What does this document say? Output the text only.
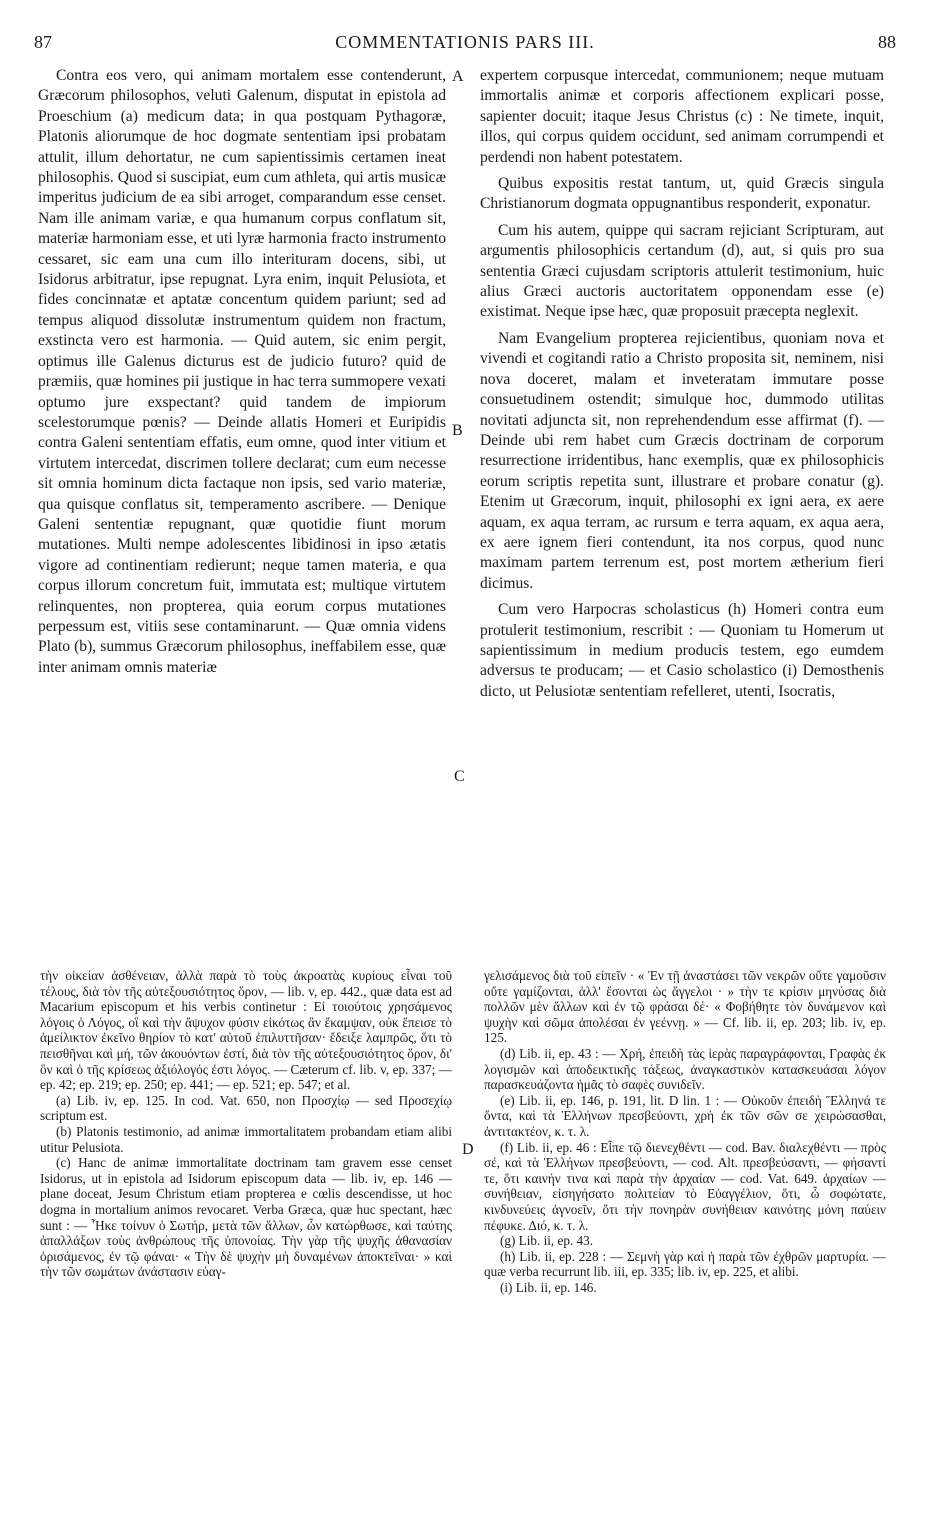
87	COMMENTATIONIS PARS III.	88

Contra eos vero, qui animam mortalem esse contenderunt, Græcorum philosophos, veluti Galenum, disputat in epistola ad Proeschium (a) medicum data; in qua postquam Pythagoræ, Platonis aliorumque de hoc dogmate sententiam ipsi probatam attulit, illum dehortatur, ne cum sapientissimis certamen ineat philosophis. Quod si suscipiat, eum cum athleta, qui artis musicæ imperitus judicium de ea sibi arroget, comparandum esse censet. Nam ille animam variæ, e qua humanum corpus conflatum sit, materiæ harmoniam esse, et uti lyræ harmonia fracto instrumento cessaret, sic eam una cum illo interituram docens, sibi, ut Isidorus arbitratur, ipse repugnat. Lyra enim, inquit Pelusiota, et fides concinnatæ et aptatæ concentum quidem pariunt; sed ad tempus aliquod dissolutæ instrumentum quidem non fractum, exstincta vero est harmonia. — Quid autem, sic enim pergit, optimus ille Galenus dicturus est de judicio futuro? quid de præmiis, quæ homines pii justique in hac terra summopere vexati optumo jure exspectant? quid tandem de impiorum scelestorumque pœnis? — Deinde allatis Homeri et Euripidis contra Galeni sententiam effatis, eum omne, quod inter vitium et virtutem intercedat, discrimen tollere declarat; cum eum necesse sit omnia hominum dicta factaque non ipsis, sed vario materiæ, qua quisque conflatus sit, temperamento ascribere. — Denique Galeni sententiæ repugnant, quæ quotidie fiunt morum mutationes. Multi nempe adolescentes libidinosi in ipso ætatis vigore ad continentiam redierunt; neque tamen materia, e qua corpus illorum concretum fuit, immutata est; multique virtutem relinquentes, non propterea, quia eorum corpus mutationes perpessum est, vitiis sese contaminarunt. — Quæ omnia videns Plato (b), summus Græcorum philosophus, ineffabilem esse, quæ inter animam omnis materiæ

A
B
C
D

expertem corpusque intercedat, communionem; neque mutuam immortalis animæ et corporis affectionem explicari posse, sapienter docuit; itaque Jesus Christus (c) : Ne timete, inquit, illos, qui corpus quidem occidunt, sed animam corrumpendi et perdendi non habent potestatem.

Quibus expositis restat tantum, ut, quid Græcis singula Christianorum dogmata oppugnantibus responderit, exponatur.

Cum his autem, quippe qui sacram rejiciant Scripturam, aut argumentis philosophicis certandum (d), aut, si quis pro sua sententia Græci cujusdam scriptoris attulerit testimonium, huic alius Græci auctoris auctoritatem opponendam esse (e) existimat. Neque ipse hæc, quæ proposuit præcepta neglexit.

Nam Evangelium propterea rejicientibus, quoniam nova et vivendi et cogitandi ratio a Christo proposita sit, neminem, nisi nova doceret, malam et inveteratam immutare posse consuetudinem ostendit; simulque hoc, dummodo utilitas novitati adjuncta sit, non reprehendendum esse affirmat (f). — Deinde ubi rem habet cum Græcis doctrinam de corporum resurrectione irridentibus, hanc exemplis, quæ ex philosophicis eorum scriptis repetita sunt, illustrare et probare conatur (g). Etenim ut Græcorum, inquit, philosophi ex igni aera, ex aere aquam, ex aqua terram, ac rursum e terra aquam, ex aqua aera, ex aere ignem fieri contendunt, ita nos corpus, quod nunc maximam partem terrenum est, post mortem ætherium fieri dicimus.

Cum vero Harpocras scholasticus (h) Homeri contra eum protulerit testimonium, rescribit : — Quoniam tu Homerum ut sapientissimum in medium producis testem, ego eumdem adversus te producam; — et Casio scholastico (i) Demosthenis dicto, ut Pelusiotæ sententiam refelleret, utenti, Isocratis,

τὴν οἰκείαν ἀσθένειαν, ἀλλὰ παρὰ τὸ τοὺς ἀκροατὰς κυρίους εἶναι τοῦ τέλους, διὰ τὸν τῆς αὐτεξουσιότητος ὅρον, — lib. v, ep. 442., quæ data est ad Macarium episcopum et his verbis continetur : Εἰ τοιούτοις χρησάμενος λόγοις ὁ Λόγος, οἳ καὶ τὴν ἄψυχον φύσιν εἰκότως ἂν ἔκαμψαν, οὐκ ἔπεισε τὸ ἀμείλικτον ἐκεῖνο θηρίον τὸ κατ' αὐτοῦ ἐπιλυττῆσαν· ἔδειξε λαμπρῶς, ὅτι τὸ πεισθῆναι καὶ μή, τῶν ἀκουόντων ἐστί, διὰ τὸν τῆς αὐτεξουσιότητος ὅρον, δι' ὃν καὶ ὁ τῆς κρίσεως ἀξιόλογός ἐστι λόγος. — Cæterum cf. lib. v, ep. 337; — ep. 42; ep. 219; ep. 250; ep. 441; — ep. 521; ep. 547; et al.

(a) Lib. iv, ep. 125. In cod. Vat. 650, non Προσχίῳ — sed Προσεχίῳ scriptum est.

(b) Platonis testimonio, ad animæ immortalitatem probandam etiam alibi utitur Pelusiota.

(c) Hanc de animæ immortalitate doctrinam tam gravem esse censet Isidorus, ut in epistola ad Isidorum episcopum data — lib. iv, ep. 146 — plane doceat, Jesum Christum etiam propterea e cœlis descendisse, ut hoc dogma in mortalium animos revocaret. Verba Græca, quæ huc spectant, hæc sunt : — Ἧκε τοίνυν ὁ Σωτήρ, μετὰ τῶν ἄλλων, ὧν κατώρθωσε, καὶ ταύτης ἀπαλλάξων τοὺς ἀνθρώπους τῆς ὑπονοίας. Τὴν γὰρ τῆς ψυχῆς ἀθανασίαν ὁρισάμενος, ἐν τῷ φάναι· « Τὴν δὲ ψυχὴν μὴ δυναμένων ἀποκτεῖναι· » καὶ τὴν τῶν σωμάτων ἀνάστασιν εὐαγ-

γελισάμενος διὰ τοῦ εἰπεῖν · « Ἐν τῇ ἀναστάσει τῶν νεκρῶν οὔτε γαμοῦσιν οὔτε γαμίζονται, ἀλλ' ἔσονται ὡς ἄγγελοι · » τὴν τε κρίσιν μηνύσας διὰ πολλῶν μὲν ἄλλων καὶ ἐν τῷ φράσαι δέ· « Φοβήθητε τὸν δυνάμενον καὶ ψυχὴν καὶ σῶμα ἀπολέσαι ἐν γεέννῃ. » — Cf. lib. ii, ep. 203; lib. iv, ep. 125.

(d) Lib. ii, ep. 43 : — Χρή, ἐπειδὴ τὰς ἱερὰς παραγράφονται, Γραφὰς ἐκ λογισμῶν καὶ ἀποδεικτικῆς τάξεως, ἀναγκαστικὸν κατασκευάσαι λόγον παρασκευάζοντα ἡμᾶς τὸ σαφὲς συνιδεῖν.

(e) Lib. ii, ep. 146, p. 191, lit. D lin. 1 : — Οὐκοῦν ἐπειδὴ Ἕλληνά τε ὄντα, καὶ τὰ Ἑλλήνων πρεσβεύοντι, χρὴ ἐκ τῶν σῶν σε χειρώσασθαι, ἀντιτακτέον, κ. τ. λ.

(f) Lib. ii, ep. 46 : Εἶπε τῷ διενεχθέντι — cod. Bav. διαλεχθέντι — πρὸς σέ, καὶ τὰ Ἑλλήνων πρεσβεύοντι, — cod. Alt. πρεσβεύσαντι, — φήσαντί τε, ὅτι καινήν τινα καὶ παρὰ τὴν ἀρχαίαν — cod. Vat. 649. ἀρχαίων — συνήθειαν, εἰσηγήσατο πολιτείαν τὸ Εὐαγγέλιον, ὅτι, ὦ σοφώτατε, κινδυνεύεις ἀγνοεῖν, ὅτι τὴν πονηρὰν συνήθειαν καινότης μόνη παύειν πέφυκε. Διό, κ. τ. λ.

(g) Lib. ii, ep. 43.

(h) Lib. ii, ep. 228 : — Σεμνὴ γὰρ καὶ ἡ παρὰ τῶν ἐχθρῶν μαρτυρία. — quæ verba recurrunt lib. iii, ep. 335; lib. iv, ep. 225, et alibi.

(i) Lib. ii, ep. 146.
